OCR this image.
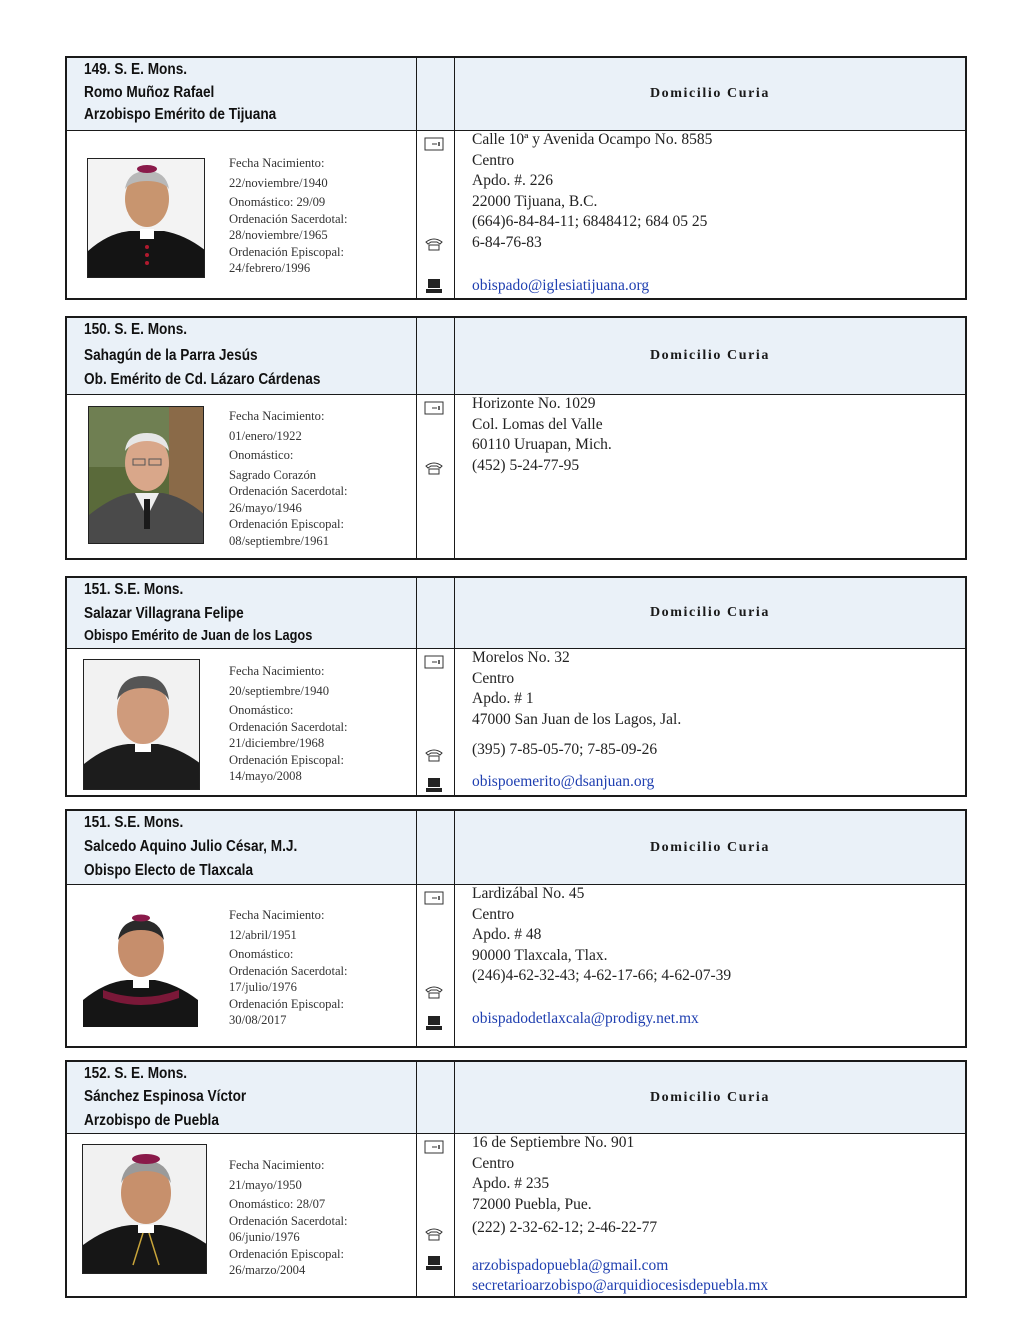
149. S. E. Mons.
Romo Muñoz Rafael
Arzobispo Emérito de Tijuana
Domicilio Curia
Fecha Nacimiento:
22/noviembre/1940
Onomástico: 29/09
Ordenación Sacerdotal:
28/noviembre/1965
Ordenación Episcopal:
24/febrero/1996
Calle 10ª y Avenida Ocampo No. 8585
Centro
Apdo. #. 226
22000 Tijuana, B.C.
(664)6-84-84-11; 6848412; 684 05 25
6-84-76-83
obispado@iglesiatijuana.org
150. S. E. Mons.
Sahagún de la Parra Jesús
Ob. Emérito de Cd. Lázaro Cárdenas
Domicilio Curia
Fecha Nacimiento:
01/enero/1922
Onomástico:
Sagrado Corazón
Ordenación Sacerdotal:
26/mayo/1946
Ordenación Episcopal:
08/septiembre/1961
Horizonte No. 1029
Col. Lomas del Valle
60110 Uruapan, Mich.
(452) 5-24-77-95
151. S.E. Mons.
Salazar Villagrana Felipe
Obispo Emérito de Juan de los Lagos
Domicilio Curia
Fecha Nacimiento:
20/septiembre/1940
Onomástico:
Ordenación Sacerdotal:
21/diciembre/1968
Ordenación Episcopal:
14/mayo/2008
Morelos No. 32
Centro
Apdo. # 1
47000 San Juan de los Lagos, Jal.
(395) 7-85-05-70; 7-85-09-26
obispoemerito@dsanjuan.org
151. S.E. Mons.
Salcedo Aquino Julio César, M.J.
Obispo Electo de Tlaxcala
Domicilio Curia
Fecha Nacimiento:
12/abril/1951
Onomástico:
Ordenación Sacerdotal:
17/julio/1976
Ordenación Episcopal:
30/08/2017
Lardizábal No. 45
Centro
Apdo. # 48
90000 Tlaxcala, Tlax.
(246)4-62-32-43; 4-62-17-66; 4-62-07-39
obispadodetlaxcala@prodigy.net.mx
152. S. E. Mons.
Sánchez Espinosa Víctor
Arzobispo de Puebla
Domicilio Curia
Fecha Nacimiento:
21/mayo/1950
Onomástico: 28/07
Ordenación Sacerdotal:
06/junio/1976
Ordenación Episcopal:
26/marzo/2004
16 de Septiembre No. 901
Centro
Apdo. # 235
72000 Puebla, Pue.
(222) 2-32-62-12; 2-46-22-77
arzobispadopuebla@gmail.com
secretarioarzobispo@arquidiocesisdepuebla.mx
